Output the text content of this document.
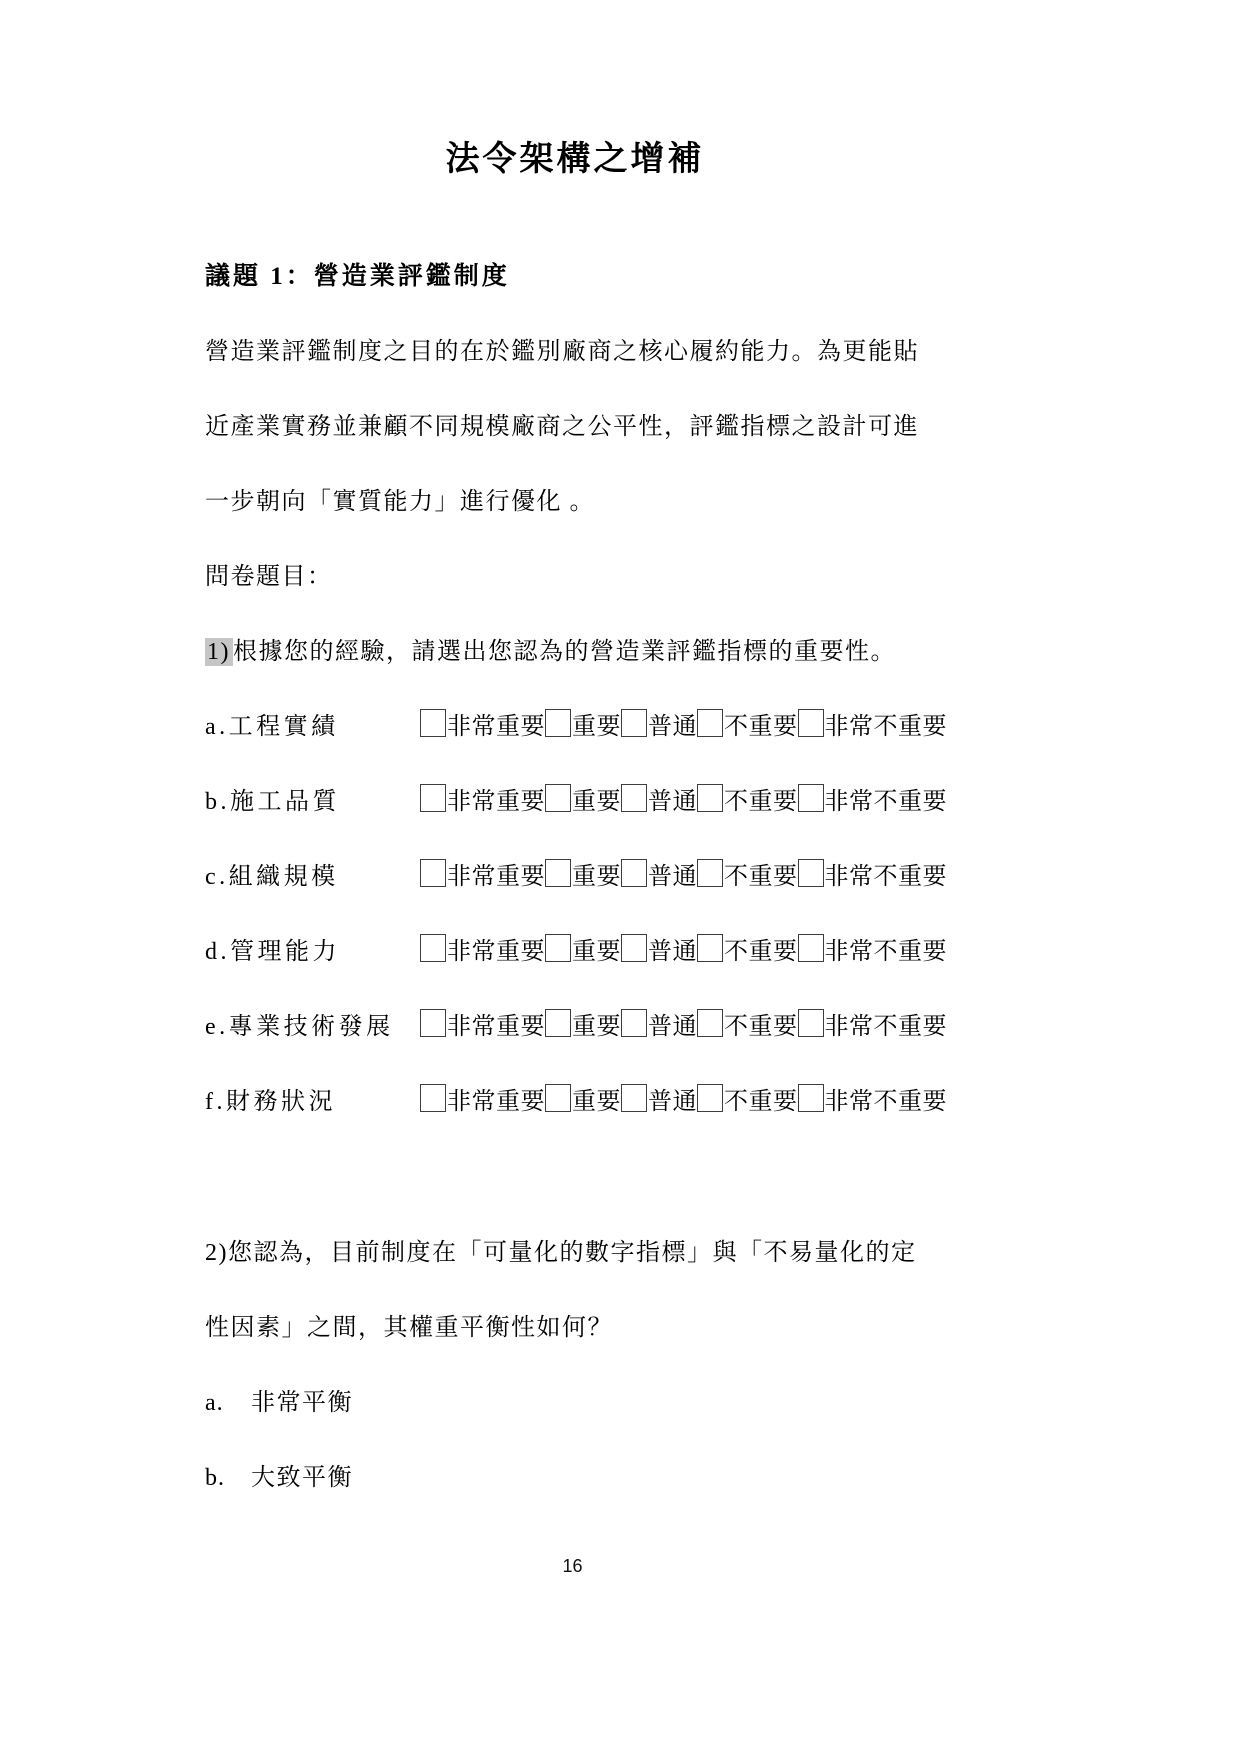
法令架構之增補
議題 1：營造業評鑑制度
營造業評鑑制度之目的在於鑑別廠商之核心履約能力。為更能貼
近產業實務並兼顧不同規模廠商之公平性，評鑑指標之設計可進
一步朝向「實質能力」進行優化 。
問卷題目：
1) 根據您的經驗，請選出您認為的營造業評鑑指標的重要性。
a.工程實績	非常重要 重要 普通 不重要 非常不重要
b.施工品質	非常重要 重要 普通 不重要 非常不重要
c.組織規模	非常重要 重要 普通 不重要 非常不重要
d.管理能力	非常重要 重要 普通 不重要 非常不重要
e.專業技術發展 非常重要 重要 普通 不重要 非常不重要
f.財務狀況	非常重要 重要 普通 不重要 非常不重要
2)您認為，目前制度在「可量化的數字指標」與「不易量化的定
性因素」之間，其權重平衡性如何？
a. 非常平衡
b. 大致平衡
16
